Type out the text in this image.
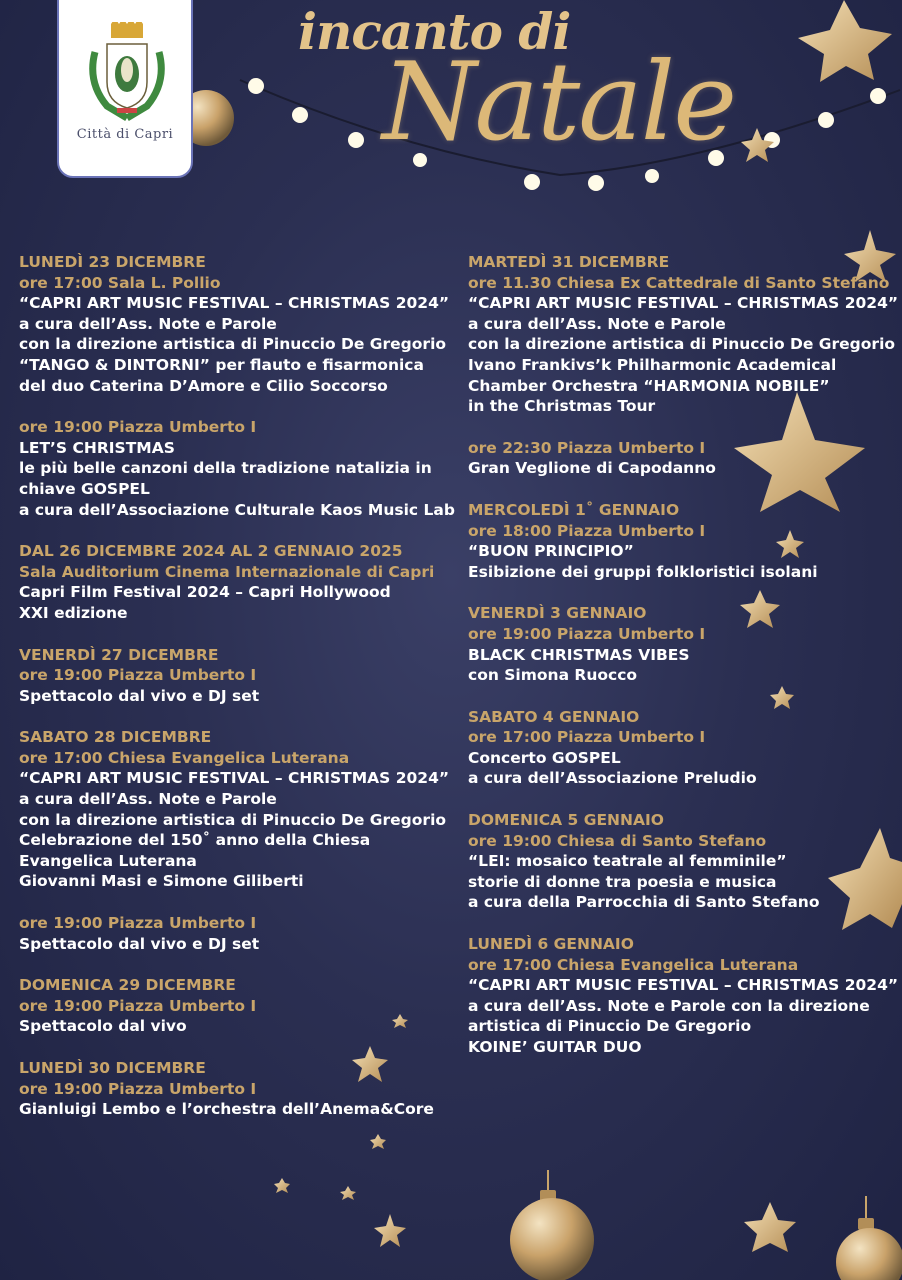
Città di Capri
incanto di
Natale
LUNEDÌ 23 DICEMBRE
ore 17:00 Sala L. Pollio
“CAPRI ART MUSIC FESTIVAL – CHRISTMAS 2024”
a cura dell’Ass. Note e Parole
con la direzione artistica di Pinuccio De Gregorio
“TANGO & DINTORNI” per flauto e fisarmonica
del duo Caterina D’Amore e Cilio Soccorso
ore 19:00 Piazza Umberto I
LET’S CHRISTMAS
le più belle canzoni della tradizione natalizia in
chiave GOSPEL
a cura dell’Associazione Culturale Kaos Music Lab
DAL 26 DICEMBRE 2024 AL 2 GENNAIO 2025
Sala Auditorium Cinema Internazionale di Capri
Capri Film Festival 2024 – Capri Hollywood
XXI edizione
VENERDÌ 27 DICEMBRE
ore 19:00 Piazza Umberto I
Spettacolo dal vivo e DJ set
SABATO 28 DICEMBRE
ore 17:00 Chiesa Evangelica Luterana
“CAPRI ART MUSIC FESTIVAL – CHRISTMAS 2024”
a cura dell’Ass. Note e Parole
con la direzione artistica di Pinuccio De Gregorio
Celebrazione del 150˚ anno della Chiesa
Evangelica Luterana
Giovanni Masi e Simone Giliberti
ore 19:00 Piazza Umberto I
Spettacolo dal vivo e DJ set
DOMENICA 29 DICEMBRE
ore 19:00 Piazza Umberto I
Spettacolo dal vivo
LUNEDÌ 30 DICEMBRE
ore 19:00 Piazza Umberto I
Gianluigi Lembo e l’orchestra dell’Anema&Core
MARTEDÌ 31 DICEMBRE
ore 11.30 Chiesa Ex Cattedrale di Santo Stefano
“CAPRI ART MUSIC FESTIVAL – CHRISTMAS 2024”
a cura dell’Ass. Note e Parole
con la direzione artistica di Pinuccio De Gregorio
Ivano Frankivs’k Philharmonic Academical
Chamber Orchestra “HARMONIA NOBILE”
in the Christmas Tour
ore 22:30 Piazza Umberto I
Gran Veglione di Capodanno
MERCOLEDÌ 1˚ GENNAIO
ore 18:00 Piazza Umberto I
“BUON PRINCIPIO”
Esibizione dei gruppi folkloristici isolani
VENERDÌ 3 GENNAIO
ore 19:00 Piazza Umberto I
BLACK CHRISTMAS VIBES
con Simona Ruocco
SABATO 4 GENNAIO
ore 17:00 Piazza Umberto I
Concerto GOSPEL
a cura dell’Associazione Preludio
DOMENICA 5 GENNAIO
ore 19:00 Chiesa di Santo Stefano
“LEI: mosaico teatrale al femminile”
storie di donne tra poesia e musica
a cura della Parrocchia di Santo Stefano
LUNEDÌ 6 GENNAIO
ore 17:00 Chiesa Evangelica Luterana
“CAPRI ART MUSIC FESTIVAL – CHRISTMAS 2024”
a cura dell’Ass. Note e Parole con la direzione
artistica di Pinuccio De Gregorio
KOINE’ GUITAR DUO
